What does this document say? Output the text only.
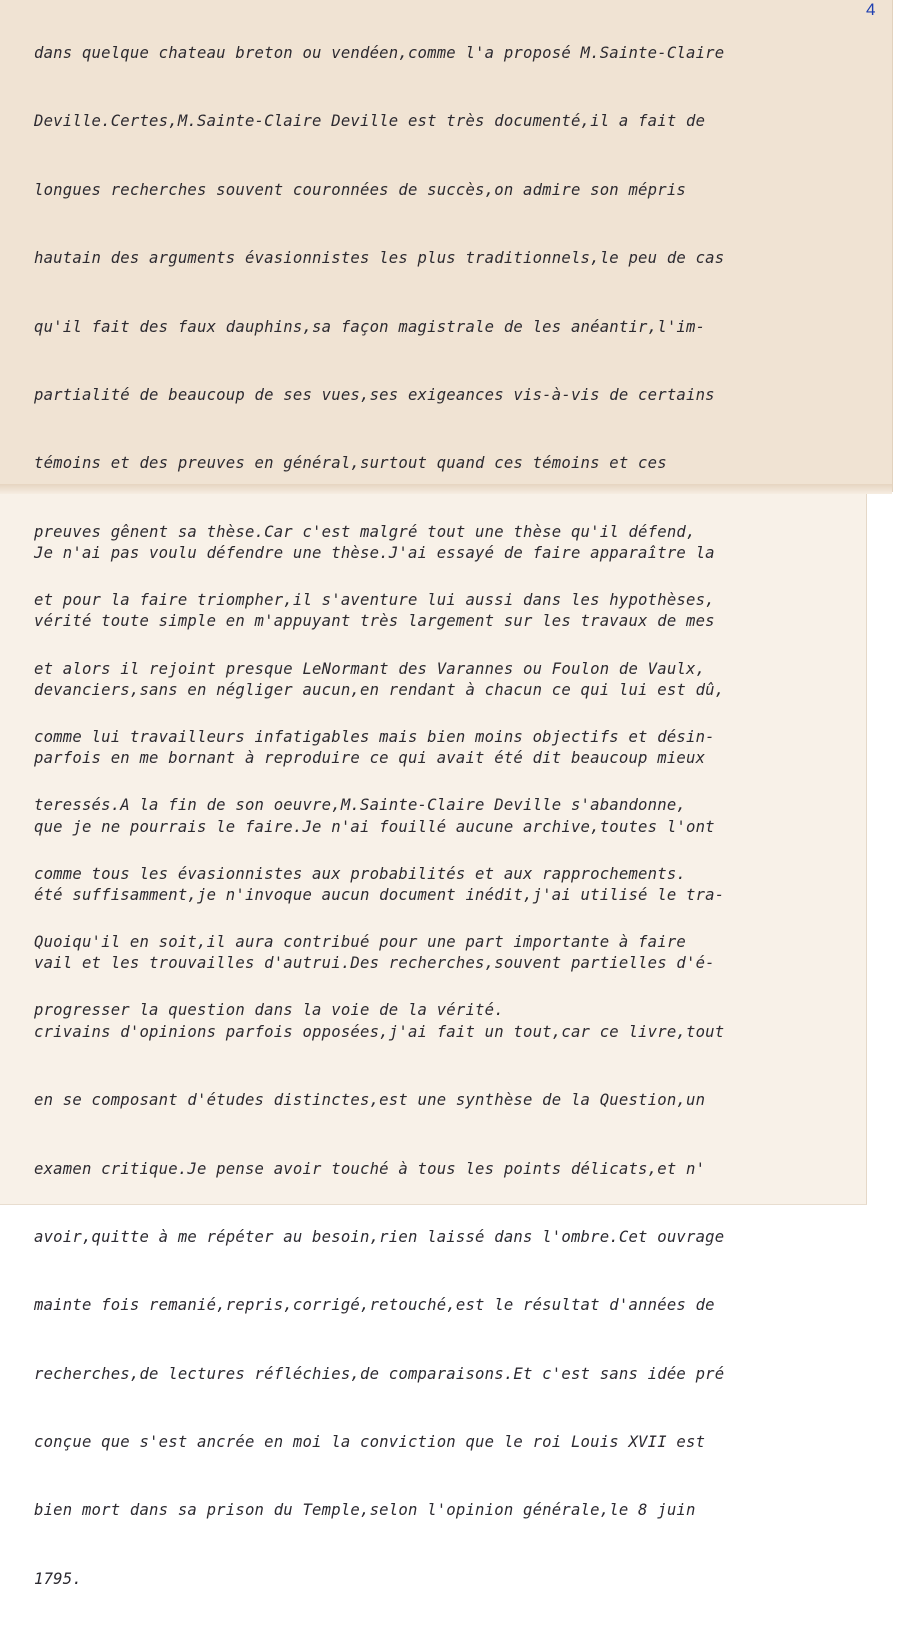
4

dans quelque chateau breton ou vendéen,comme l'a proposé M.Sainte-Claire

Deville.Certes,M.Sainte-Claire Deville est très documenté,il a fait de

longues recherches souvent couronnées de succès,on admire son mépris

hautain des arguments évasionnistes les plus traditionnels,le peu de cas

qu'il fait des faux dauphins,sa façon magistrale de les anéantir,l'im-

partialité de beaucoup de ses vues,ses exigeances vis-à-vis de certains

témoins et des preuves en général,surtout quand ces témoins et ces

preuves gênent sa thèse.Car c'est malgré tout une thèse qu'il défend,

et pour la faire triompher,il s'aventure lui aussi dans les hypothèses,

et alors il rejoint presque LeNormant des Varannes ou Foulon de Vaulx,

comme lui travailleurs infatigables mais bien moins objectifs et désin-

teressés.A la fin de son oeuvre,M.Sainte-Claire Deville s'abandonne,

comme tous les évasionnistes aux probabilités et aux rapprochements.

Quoiqu'il en soit,il aura contribué pour une part importante à faire

progresser la question dans la voie de la vérité.

Je n'ai pas voulu défendre une thèse.J'ai essayé de faire apparaître la

vérité toute simple en m'appuyant très largement sur les travaux de mes

devanciers,sans en négliger aucun,en rendant à chacun ce qui lui est dû,

parfois en me bornant à reproduire ce qui avait été dit beaucoup mieux

que je ne pourrais le faire.Je n'ai fouillé aucune archive,toutes l'ont

été suffisamment,je n'invoque aucun document inédit,j'ai utilisé le tra-

vail et les trouvailles d'autrui.Des recherches,souvent partielles d'é-

crivains d'opinions parfois opposées,j'ai fait un tout,car ce livre,tout

en se composant d'études distinctes,est une synthèse de la Question,un

examen critique.Je pense avoir touché à tous les points délicats,et n'

avoir,quitte à me répéter au besoin,rien laissé dans l'ombre.Cet ouvrage

mainte fois remanié,repris,corrigé,retouché,est le résultat d'années de

recherches,de lectures réfléchies,de comparaisons.Et c'est sans idée pré

conçue que s'est ancrée en moi la conviction que le roi Louis XVII est

bien mort dans sa prison du Temple,selon l'opinion générale,le 8 juin

1795.
